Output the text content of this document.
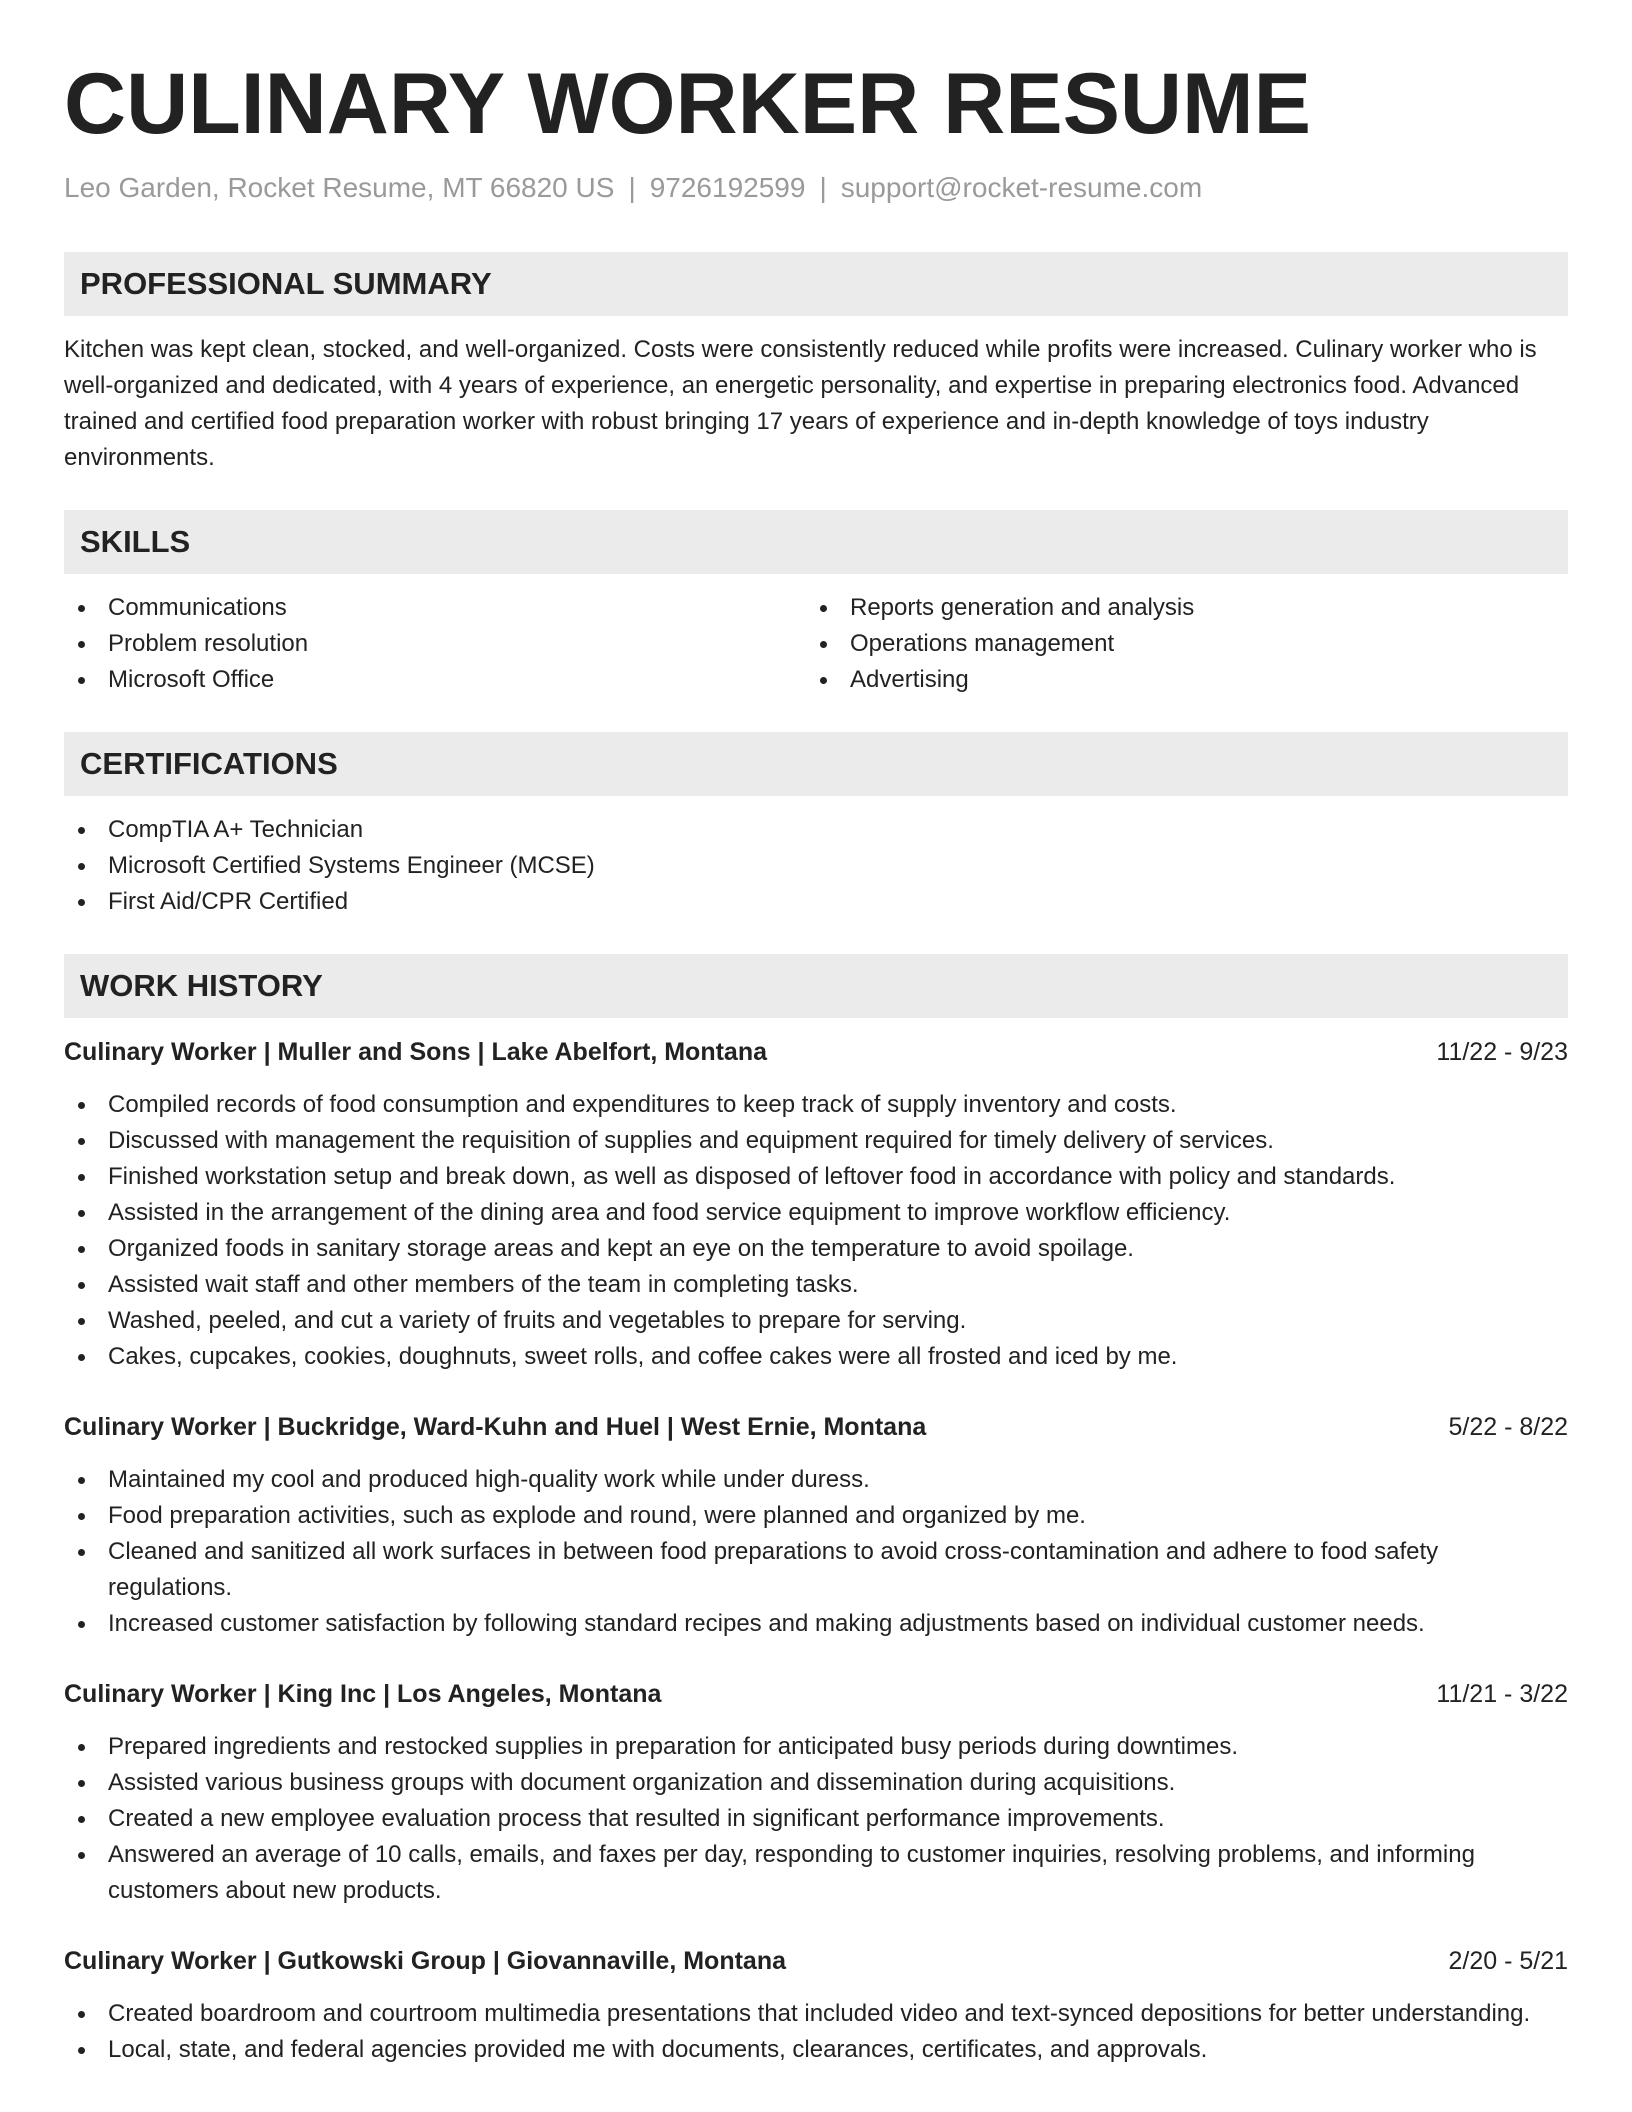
CULINARY WORKER RESUME
Leo Garden, Rocket Resume, MT 66820 US | 9726192599 | support@rocket-resume.com
PROFESSIONAL SUMMARY

Kitchen was kept clean, stocked, and well-organized. Costs were consistently reduced while profits were increased. Culinary worker who is well-organized and dedicated, with 4 years of experience, an energetic personality, and expertise in preparing electronics food. Advanced trained and certified food preparation worker with robust bringing 17 years of experience and in-depth knowledge of toys industry environments.

SKILLS
Communications
Problem resolution
Microsoft Office
Reports generation and analysis
Operations management
Advertising
CERTIFICATIONS
CompTIA A+ Technician
Microsoft Certified Systems Engineer (MCSE)
First Aid/CPR Certified
WORK HISTORY
Culinary Worker | Muller and Sons | Lake Abelfort, Montana	11/22 - 9/23
Compiled records of food consumption and expenditures to keep track of supply inventory and costs.
Discussed with management the requisition of supplies and equipment required for timely delivery of services.
Finished workstation setup and break down, as well as disposed of leftover food in accordance with policy and standards.
Assisted in the arrangement of the dining area and food service equipment to improve workflow efficiency.
Organized foods in sanitary storage areas and kept an eye on the temperature to avoid spoilage.
Assisted wait staff and other members of the team in completing tasks.
Washed, peeled, and cut a variety of fruits and vegetables to prepare for serving.
Cakes, cupcakes, cookies, doughnuts, sweet rolls, and coffee cakes were all frosted and iced by me.
Culinary Worker | Buckridge, Ward-Kuhn and Huel | West Ernie, Montana	5/22 - 8/22
Maintained my cool and produced high-quality work while under duress.
Food preparation activities, such as explode and round, were planned and organized by me.
Cleaned and sanitized all work surfaces in between food preparations to avoid cross-contamination and adhere to food safety regulations.
Increased customer satisfaction by following standard recipes and making adjustments based on individual customer needs.
Culinary Worker | King Inc | Los Angeles, Montana	11/21 - 3/22
Prepared ingredients and restocked supplies in preparation for anticipated busy periods during downtimes.
Assisted various business groups with document organization and dissemination during acquisitions.
Created a new employee evaluation process that resulted in significant performance improvements.
Answered an average of 10 calls, emails, and faxes per day, responding to customer inquiries, resolving problems, and informing customers about new products.
Culinary Worker | Gutkowski Group | Giovannaville, Montana	2/20 - 5/21
Created boardroom and courtroom multimedia presentations that included video and text-synced depositions for better understanding.
Local, state, and federal agencies provided me with documents, clearances, certificates, and approvals.
